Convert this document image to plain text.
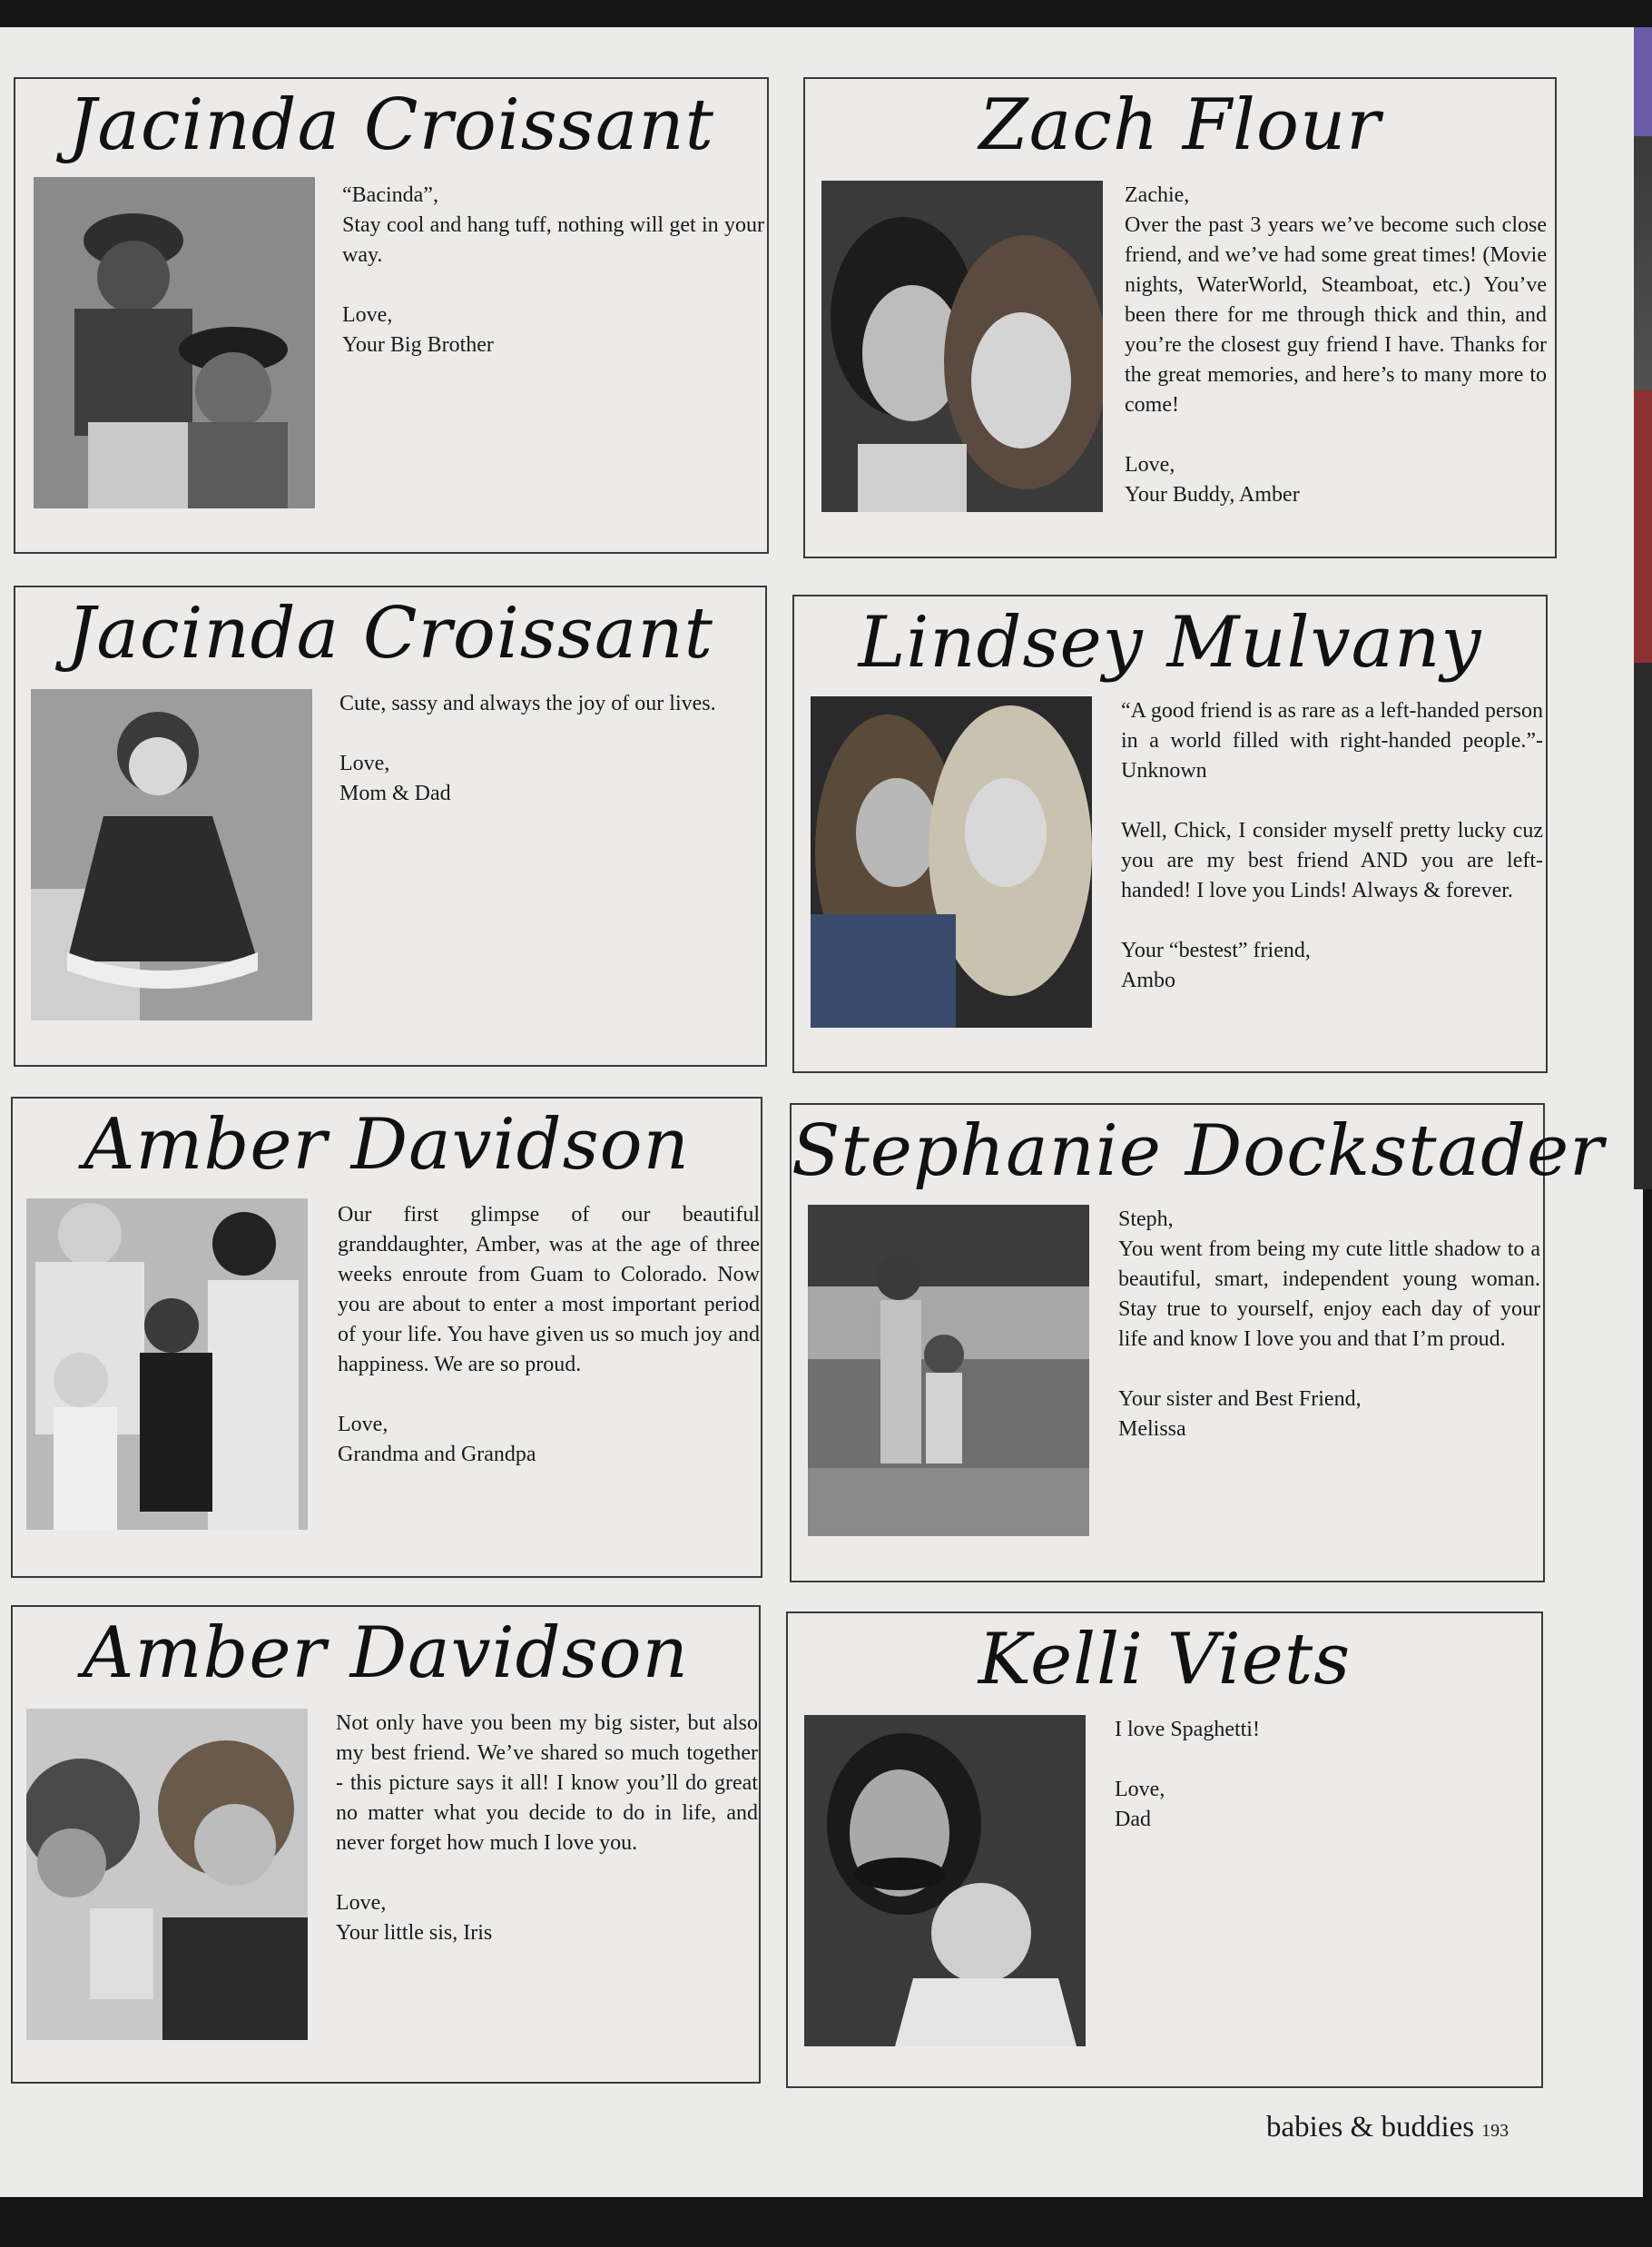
Jacinda Croissant

“Bacinda”,
Stay cool and hang tuff, nothing will get in your way.

Love,
Your Big Brother

Zach Flour

Zachie,
Over the past 3 years we’ve become such close friend, and we’ve had some great times! (Movie nights, WaterWorld, Steamboat, etc.) You’ve been there for me through thick and thin, and you’re the closest guy friend I have. Thanks for the great memories, and here’s to many more to come!

Love,
Your Buddy, Amber

Jacinda Croissant

Cute, sassy and always the joy of our lives.

Love,
Mom & Dad

Lindsey Mulvany

“A good friend is as rare as a left-handed person in a world filled with right-handed people.”-Unknown

Well, Chick, I consider myself pretty lucky cuz you are my best friend AND you are left-handed! I love you Linds! Always & forever.

Your “bestest” friend,
Ambo

Amber Davidson

Our first glimpse of our beautiful granddaughter, Amber, was at the age of three weeks enroute from Guam to Colorado. Now you are about to enter a most important period of your life. You have given us so much joy and happiness. We are so proud.

Love,
Grandma and Grandpa

Stephanie Dockstader

Steph,
You went from being my cute little shadow to a beautiful, smart, independent young woman. Stay true to yourself, enjoy each day of your life and know I love you and that I’m proud.

Your sister and Best Friend,
Melissa

Amber Davidson

Not only have you been my big sister, but also my best friend. We’ve shared so much together - this picture says it all! I know you’ll do great no matter what you decide to do in life, and never forget how much I love you.

Love,
Your little sis, Iris

Kelli Viets

I love Spaghetti!

Love,
Dad

babies & buddies 193
